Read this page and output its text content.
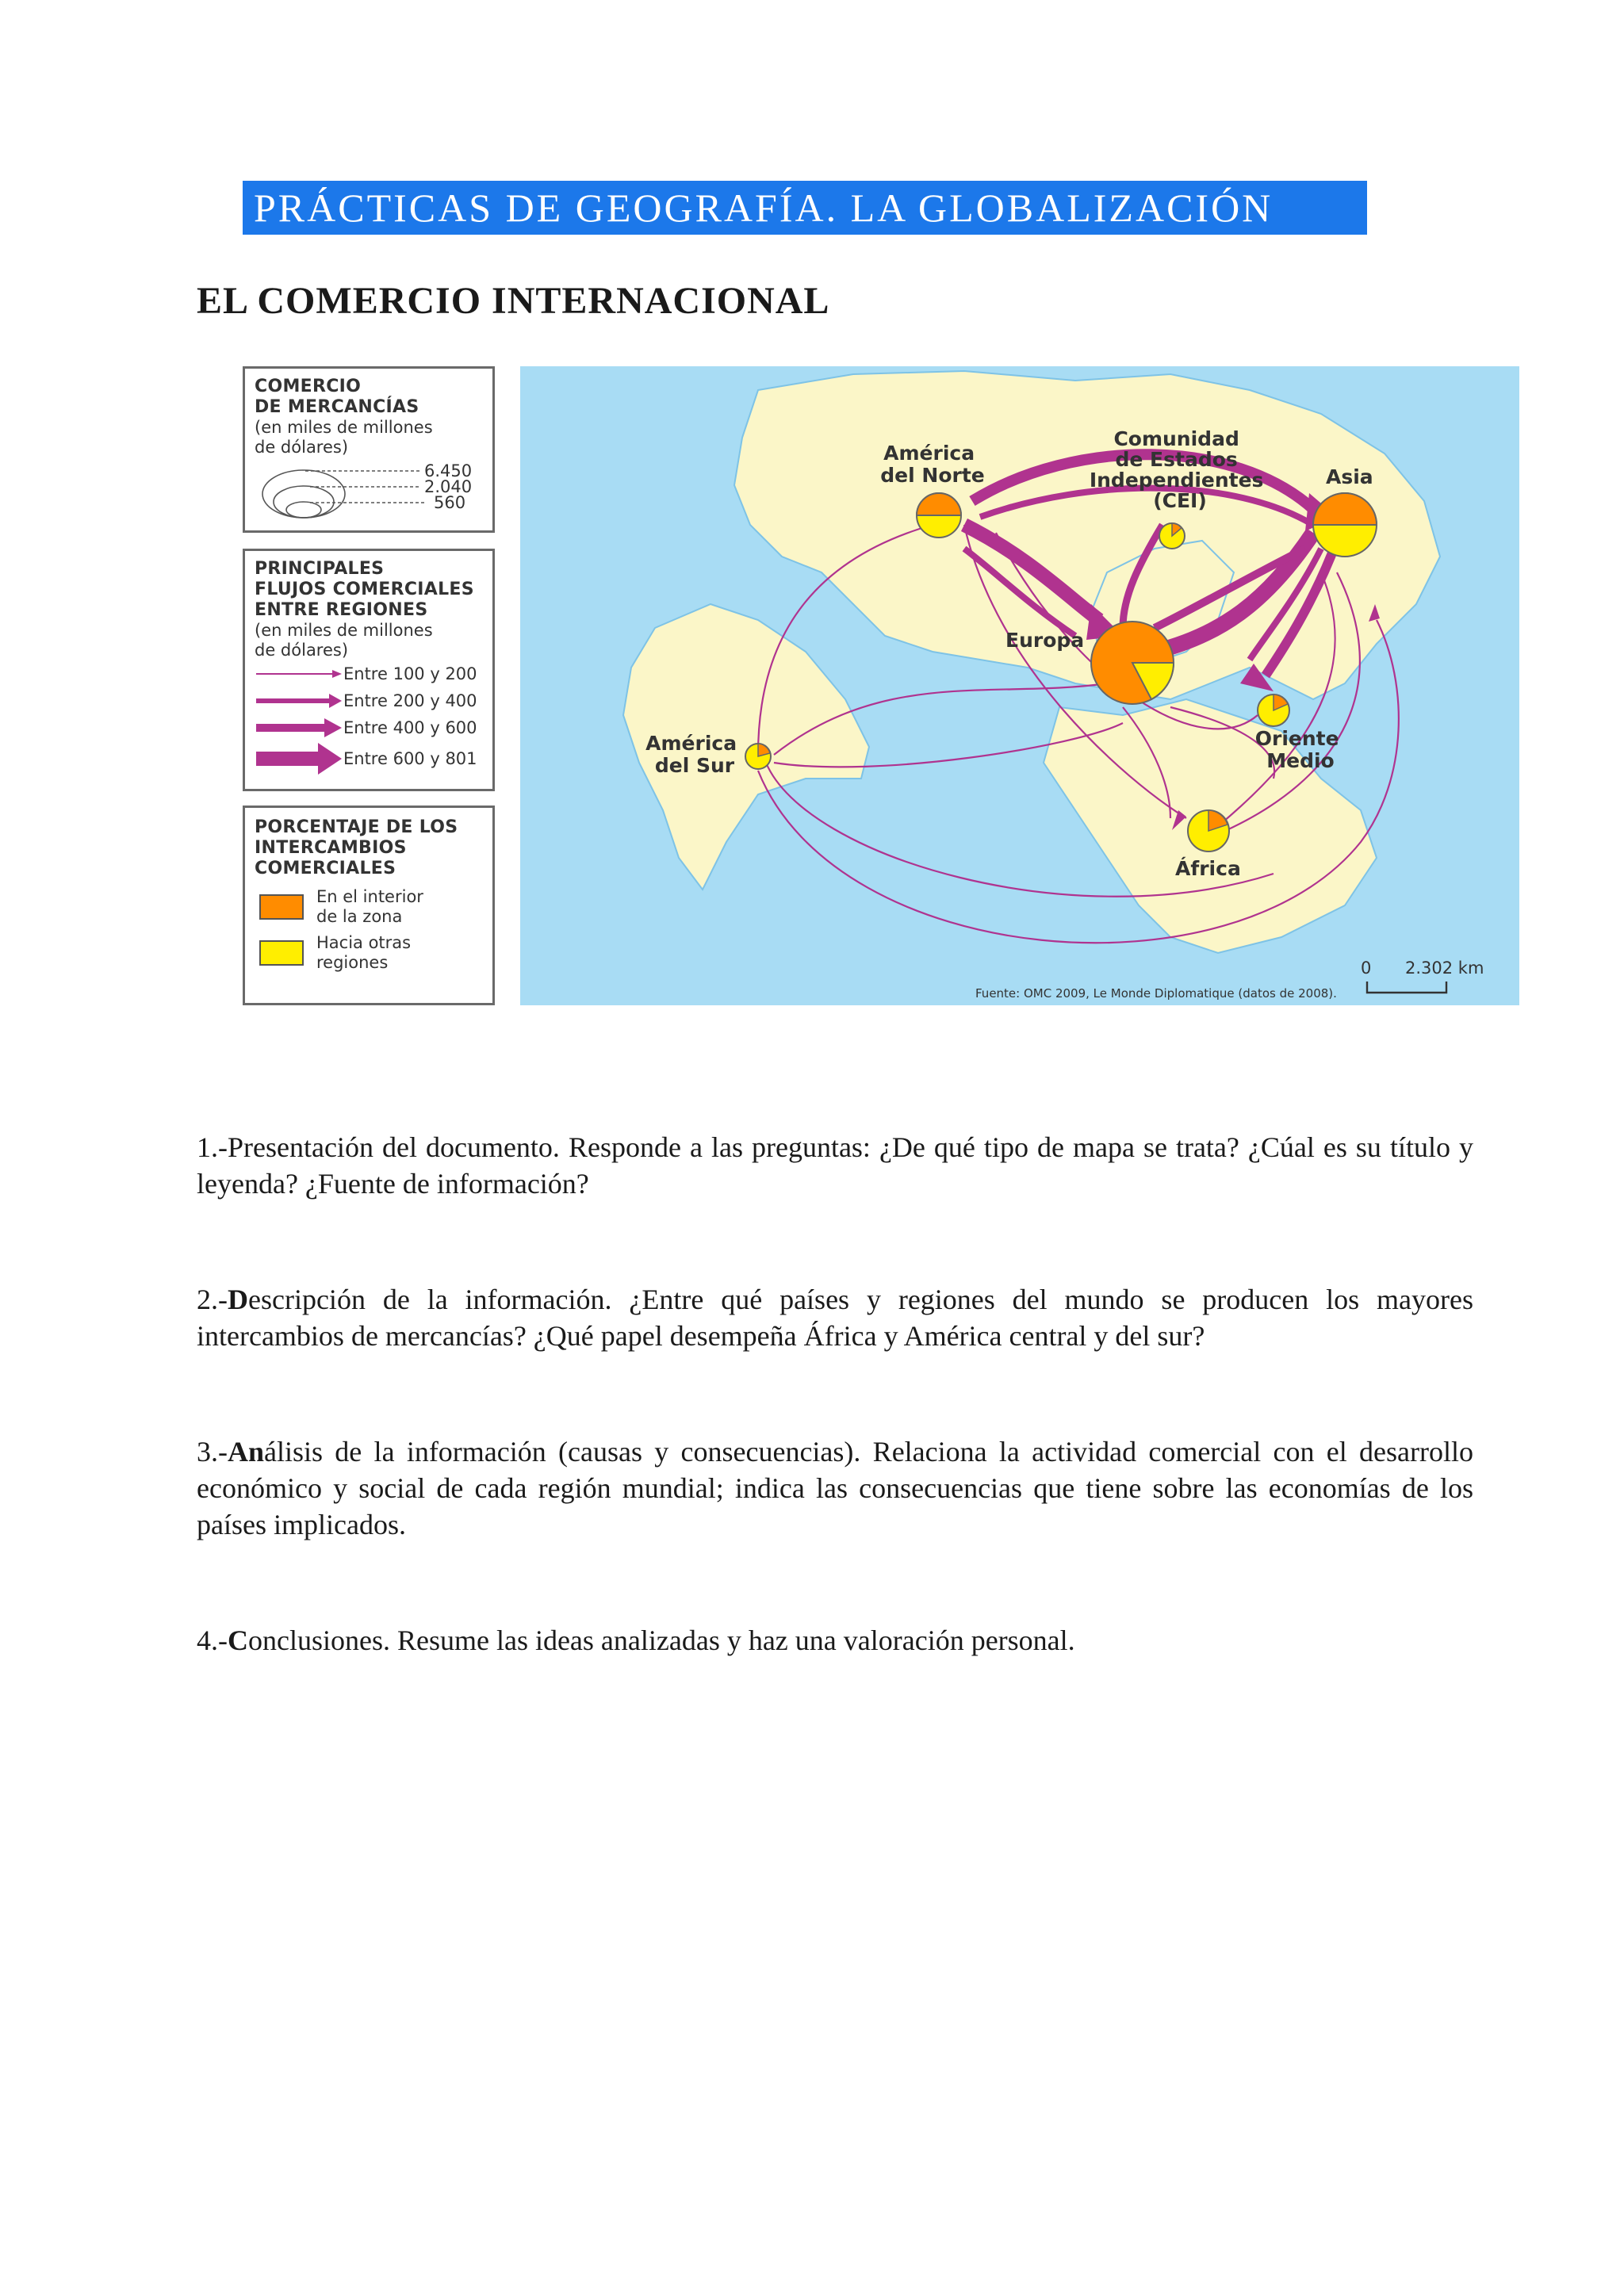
PRÁCTICAS DE GEOGRAFÍA. LA GLOBALIZACIÓN
EL COMERCIO INTERNACIONAL
COMERCIO
DE MERCANCÍAS
(en miles de millones
de dólares)
6.450
2.040
560
PRINCIPALES
FLUJOS COMERCIALES
ENTRE REGIONES
(en miles de millones
de dólares)
Entre 100 y 200
Entre 200 y 400
Entre 400 y 600
Entre 600 y 801
PORCENTAJE DE LOS
INTERCAMBIOS
COMERCIALES
En el interior
de la zona
Hacia otras
regiones
América del Norte
Comunidad de Estados Independientes (CEI)
Asia
Europa
América del Sur
Oriente Medio
África
0 2.302 km
Fuente: OMC 2009, Le Monde Diplomatique (datos de 2008).
1.-Presentación del documento. Responde a las preguntas: ¿De qué tipo de mapa se trata? ¿Cúal es su título y leyenda? ¿Fuente de información?
2.-Descripción de la información. ¿Entre qué países y regiones del mundo se producen los mayores intercambios de mercancías? ¿Qué papel desempeña África y América central y del sur?
3.-Análisis de la información (causas y consecuencias). Relaciona la actividad comercial con el desarrollo económico y social de cada región mundial; indica las consecuencias que tiene sobre las economías de los países implicados.
4.-Conclusiones. Resume las ideas analizadas y haz una valoración personal.
